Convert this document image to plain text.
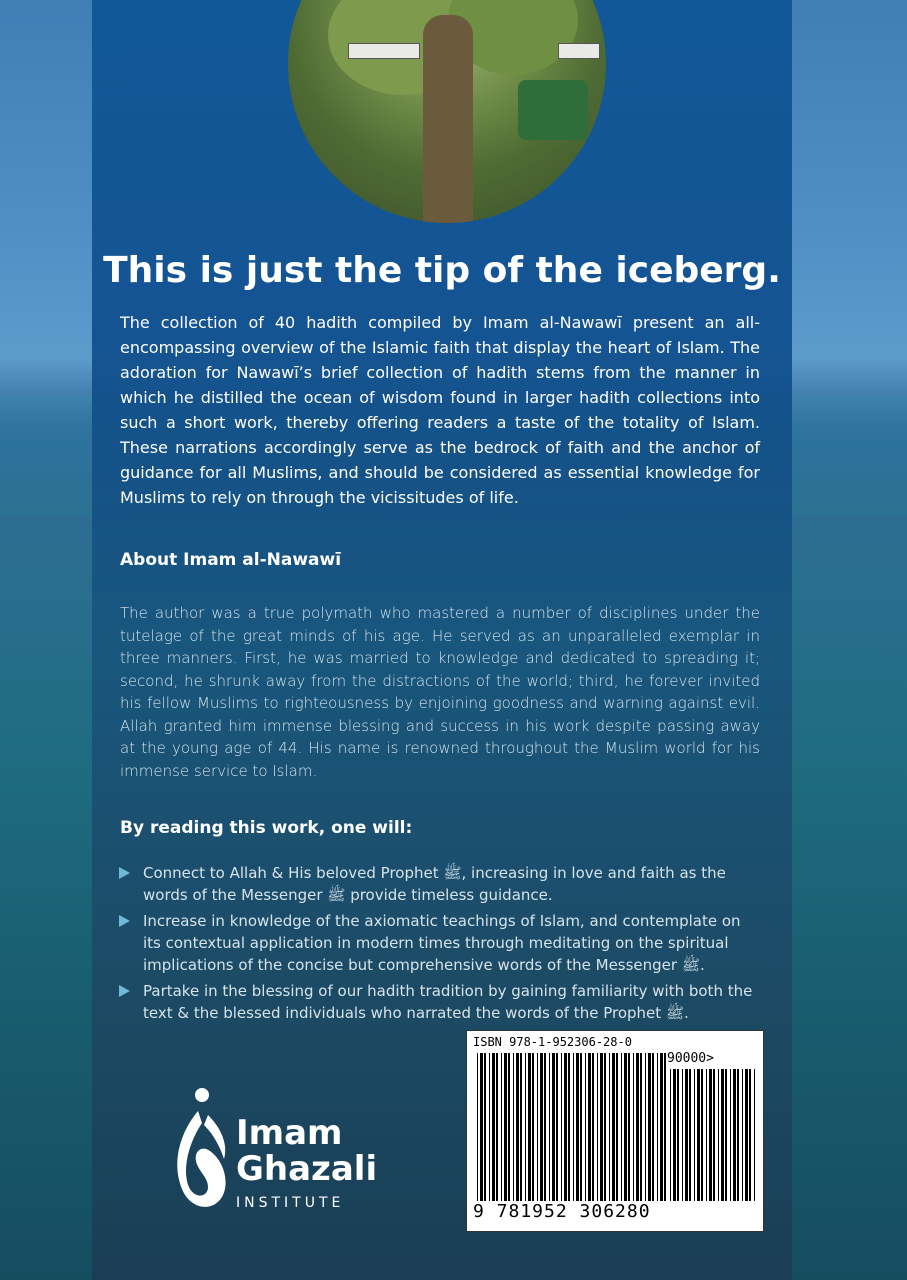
This is just the tip of the iceberg.

The collection of 40 hadith compiled by Imam al-Nawawī present an all-encompassing overview of the Islamic faith that display the heart of Islam. The adoration for Nawawī’s brief collection of hadith stems from the manner in which he distilled the ocean of wisdom found in larger hadith collections into such a short work, thereby offering readers a taste of the totality of Islam. These narrations accordingly serve as the bedrock of faith and the anchor of guidance for all Muslims, and should be considered as essential knowledge for Muslims to rely on through the vicissitudes of life.

About Imam al-Nawawī

The author was a true polymath who mastered a number of disciplines under the tutelage of the great minds of his age. He served as an unparalleled exemplar in three manners. First, he was married to knowledge and dedicated to spreading it; second, he shrunk away from the distractions of the world; third, he forever invited his fellow Muslims to righteousness by enjoining goodness and warning against evil. Allah granted him immense blessing and success in his work despite passing away at the young age of 44. His name is renowned throughout the Muslim world for his immense service to Islam.

By reading this work, one will:
Connect to Allah & His beloved Prophet ﷺ, increasing in love and faith as the words of the Messenger ﷺ provide timeless guidance.
Increase in knowledge of the axiomatic teachings of Islam, and contemplate on its contextual application in modern times through meditating on the spiritual implications of the concise but comprehensive words of the Messenger ﷺ.
Partake in the blessing of our hadith tradition by gaining familiarity with both the text & the blessed individuals who narrated the words of the Prophet ﷺ.

Imam
Ghazali

INSTITUTE

ISBN 978-1-952306-28-0

90000>

9 781952 306280
